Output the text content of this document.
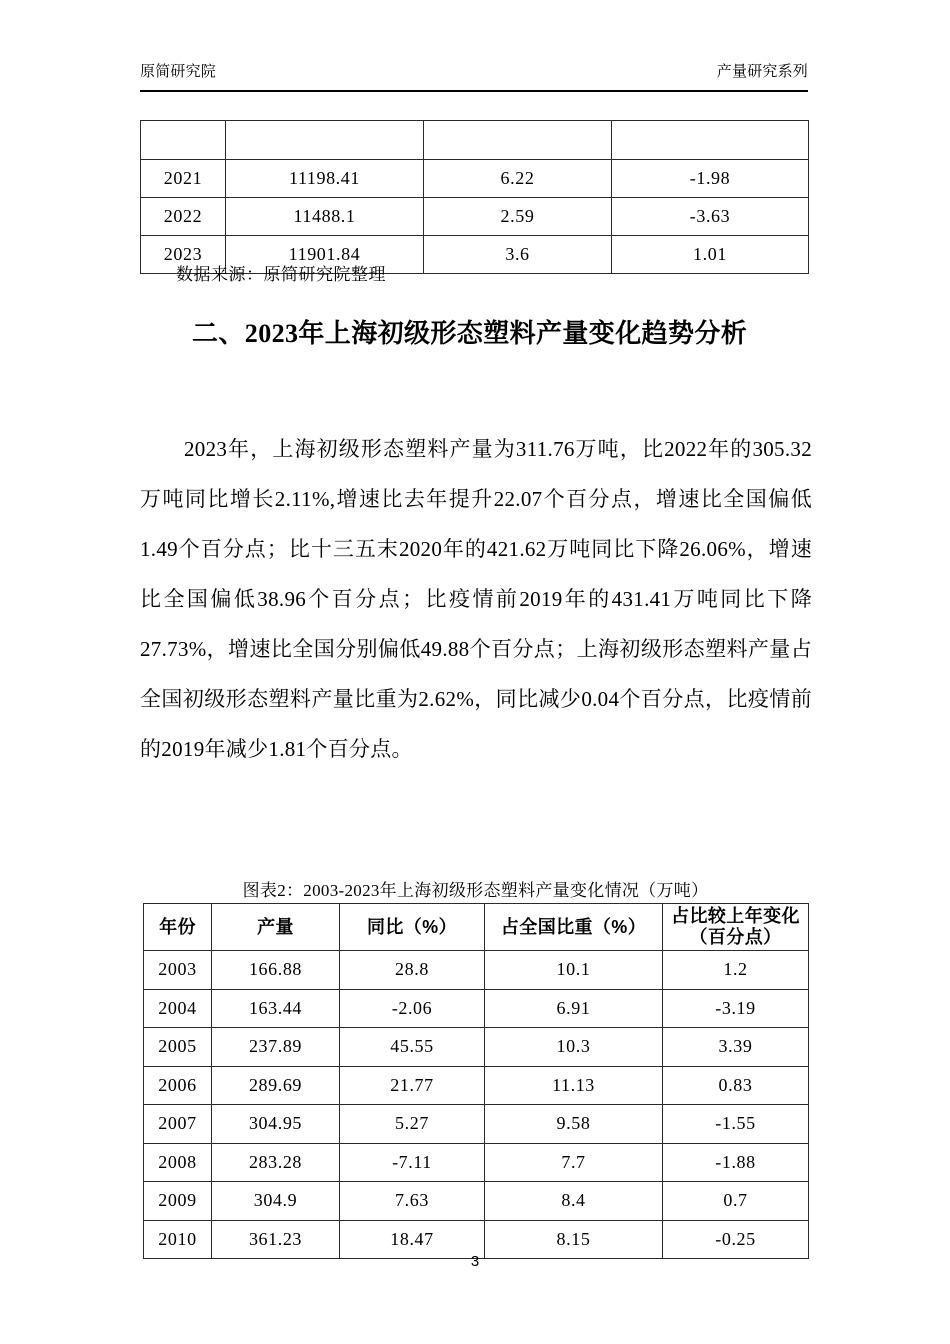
原简研究院	产量研究系列

2021	11198.41	6.22	-1.98
2022	11488.1	2.59	-3.63
2023	11901.84	3.6	1.01
数据来源：原简研究院整理
二、2023年上海初级形态塑料产量变化趋势分析
2023年，上海初级形态塑料产量为311.76万吨，比2022年的305.32万吨同比增长2.11%,增速比去年提升22.07个百分点，增速比全国偏低1.49个百分点；比十三五末2020年的421.62万吨同比下降26.06%，增速比全国偏低38.96个百分点；比疫情前2019年的431.41万吨同比下降27.73%，增速比全国分别偏低49.88个百分点；上海初级形态塑料产量占全国初级形态塑料产量比重为2.62%，同比减少0.04个百分点，比疫情前的2019年减少1.81个百分点。
图表2：2003-2023年上海初级形态塑料产量变化情况（万吨）
年份	产量	同比（%）	占全国比重（%）	占比较上年变化
（百分点）

2003	166.88	28.8	10.1	1.2
2004	163.44	-2.06	6.91	-3.19
2005	237.89	45.55	10.3	3.39
2006	289.69	21.77	11.13	0.83
2007	304.95	5.27	9.58	-1.55
2008	283.28	-7.11	7.7	-1.88
2009	304.9	7.63	8.4	0.7
2010	361.23	18.47	8.15	-0.25
3
